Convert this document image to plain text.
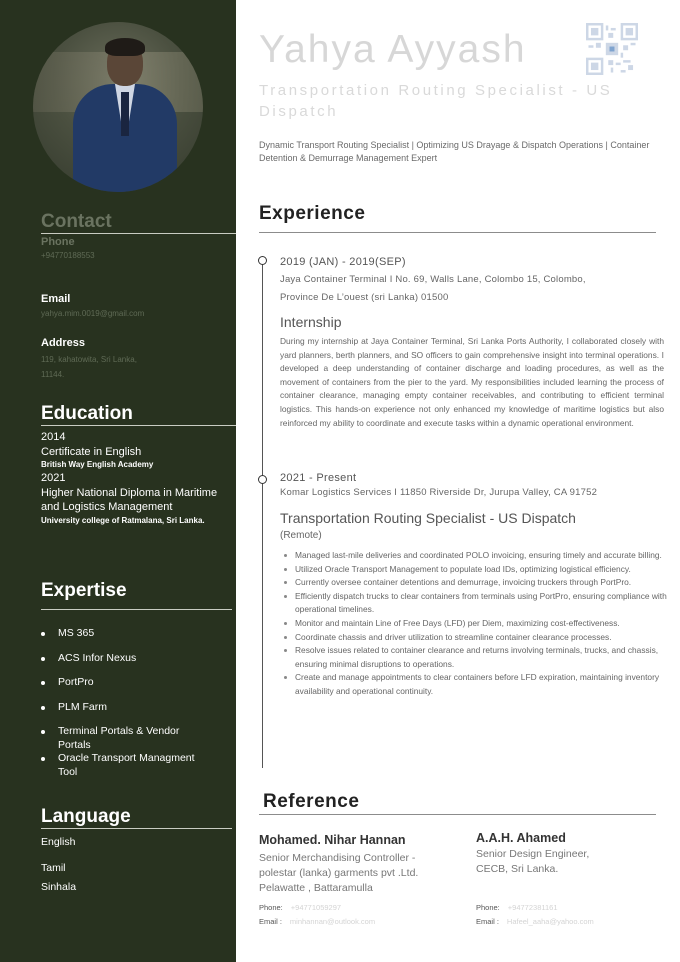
Contact
Phone
+94770188553
Email
yahya.mim.0019@gmail.com
Address
119, kahatowita, Sri Lanka,
11144.
Education
2014
Certificate in English
British Way English Academy
2021
Higher National Diploma in Maritime and Logistics Management
University college of Ratmalana, Sri Lanka.
Expertise
MS 365
ACS Infor Nexus
PortPro
PLM Farm
Terminal Portals & Vendor Portals
Oracle Transport Managment Tool
Language
English
Tamil
Sinhala
Yahya Ayyash
Transportation Routing Specialist - US Dispatch
Dynamic Transport Routing Specialist | Optimizing US Drayage & Dispatch Operations | Container Detention & Demurrage Management Expert
Experience
2019 (JAN) - 2019(SEP)
Jaya Container Terminal I No. 69, Walls Lane, Colombo 15, Colombo,
Province De L’ouest (sri Lanka) 01500
Internship
During my internship at Jaya Container Terminal, Sri Lanka Ports Authority, I collaborated closely with yard planners, berth planners, and SO officers to gain comprehensive insight into terminal operations. I developed a deep understanding of container discharge and loading procedures, as well as the movement of containers from the pier to the yard. My responsibilities included learning the process of container clearance, managing empty container receivables, and contributing to efficient terminal logistics. This hands-on experience not only enhanced my knowledge of maritime logistics but also reinforced my ability to coordinate and execute tasks within a dynamic operational environment.
2021 - Present
Komar Logistics Services I 11850 Riverside Dr, Jurupa Valley, CA 91752
Transportation Routing Specialist - US Dispatch
(Remote)
Managed last-mile deliveries and coordinated POLO invoicing, ensuring timely and accurate billing.
Utilized Oracle Transport Management to populate load IDs, optimizing logistical efficiency.
Currently oversee container detentions and demurrage, invoicing truckers through PortPro.
Efficiently dispatch trucks to clear containers from terminals using PortPro, ensuring compliance with operational timelines.
Monitor and maintain Line of Free Days (LFD) per Diem, maximizing cost-effectiveness.
Coordinate chassis and driver utilization to streamline container clearance processes.
Resolve issues related to container clearance and returns involving terminals, trucks, and chassis, ensuring minimal disruptions to operations.
Create and manage appointments to clear containers before LFD expiration, maintaining inventory availability and operational continuity.
Reference
Mohamed. Nihar Hannan
Senior Merchandising Controller -
polestar (lanka) garments pvt .Ltd.
Pelawatte , Battaramulla
Phone: +94771059297
Email : minhannan@outlook.com
A.A.H. Ahamed
Senior Design Engineer,
CECB, Sri Lanka.
Phone: +94772381161
Email : Hafeel_aaha@yahoo.com
